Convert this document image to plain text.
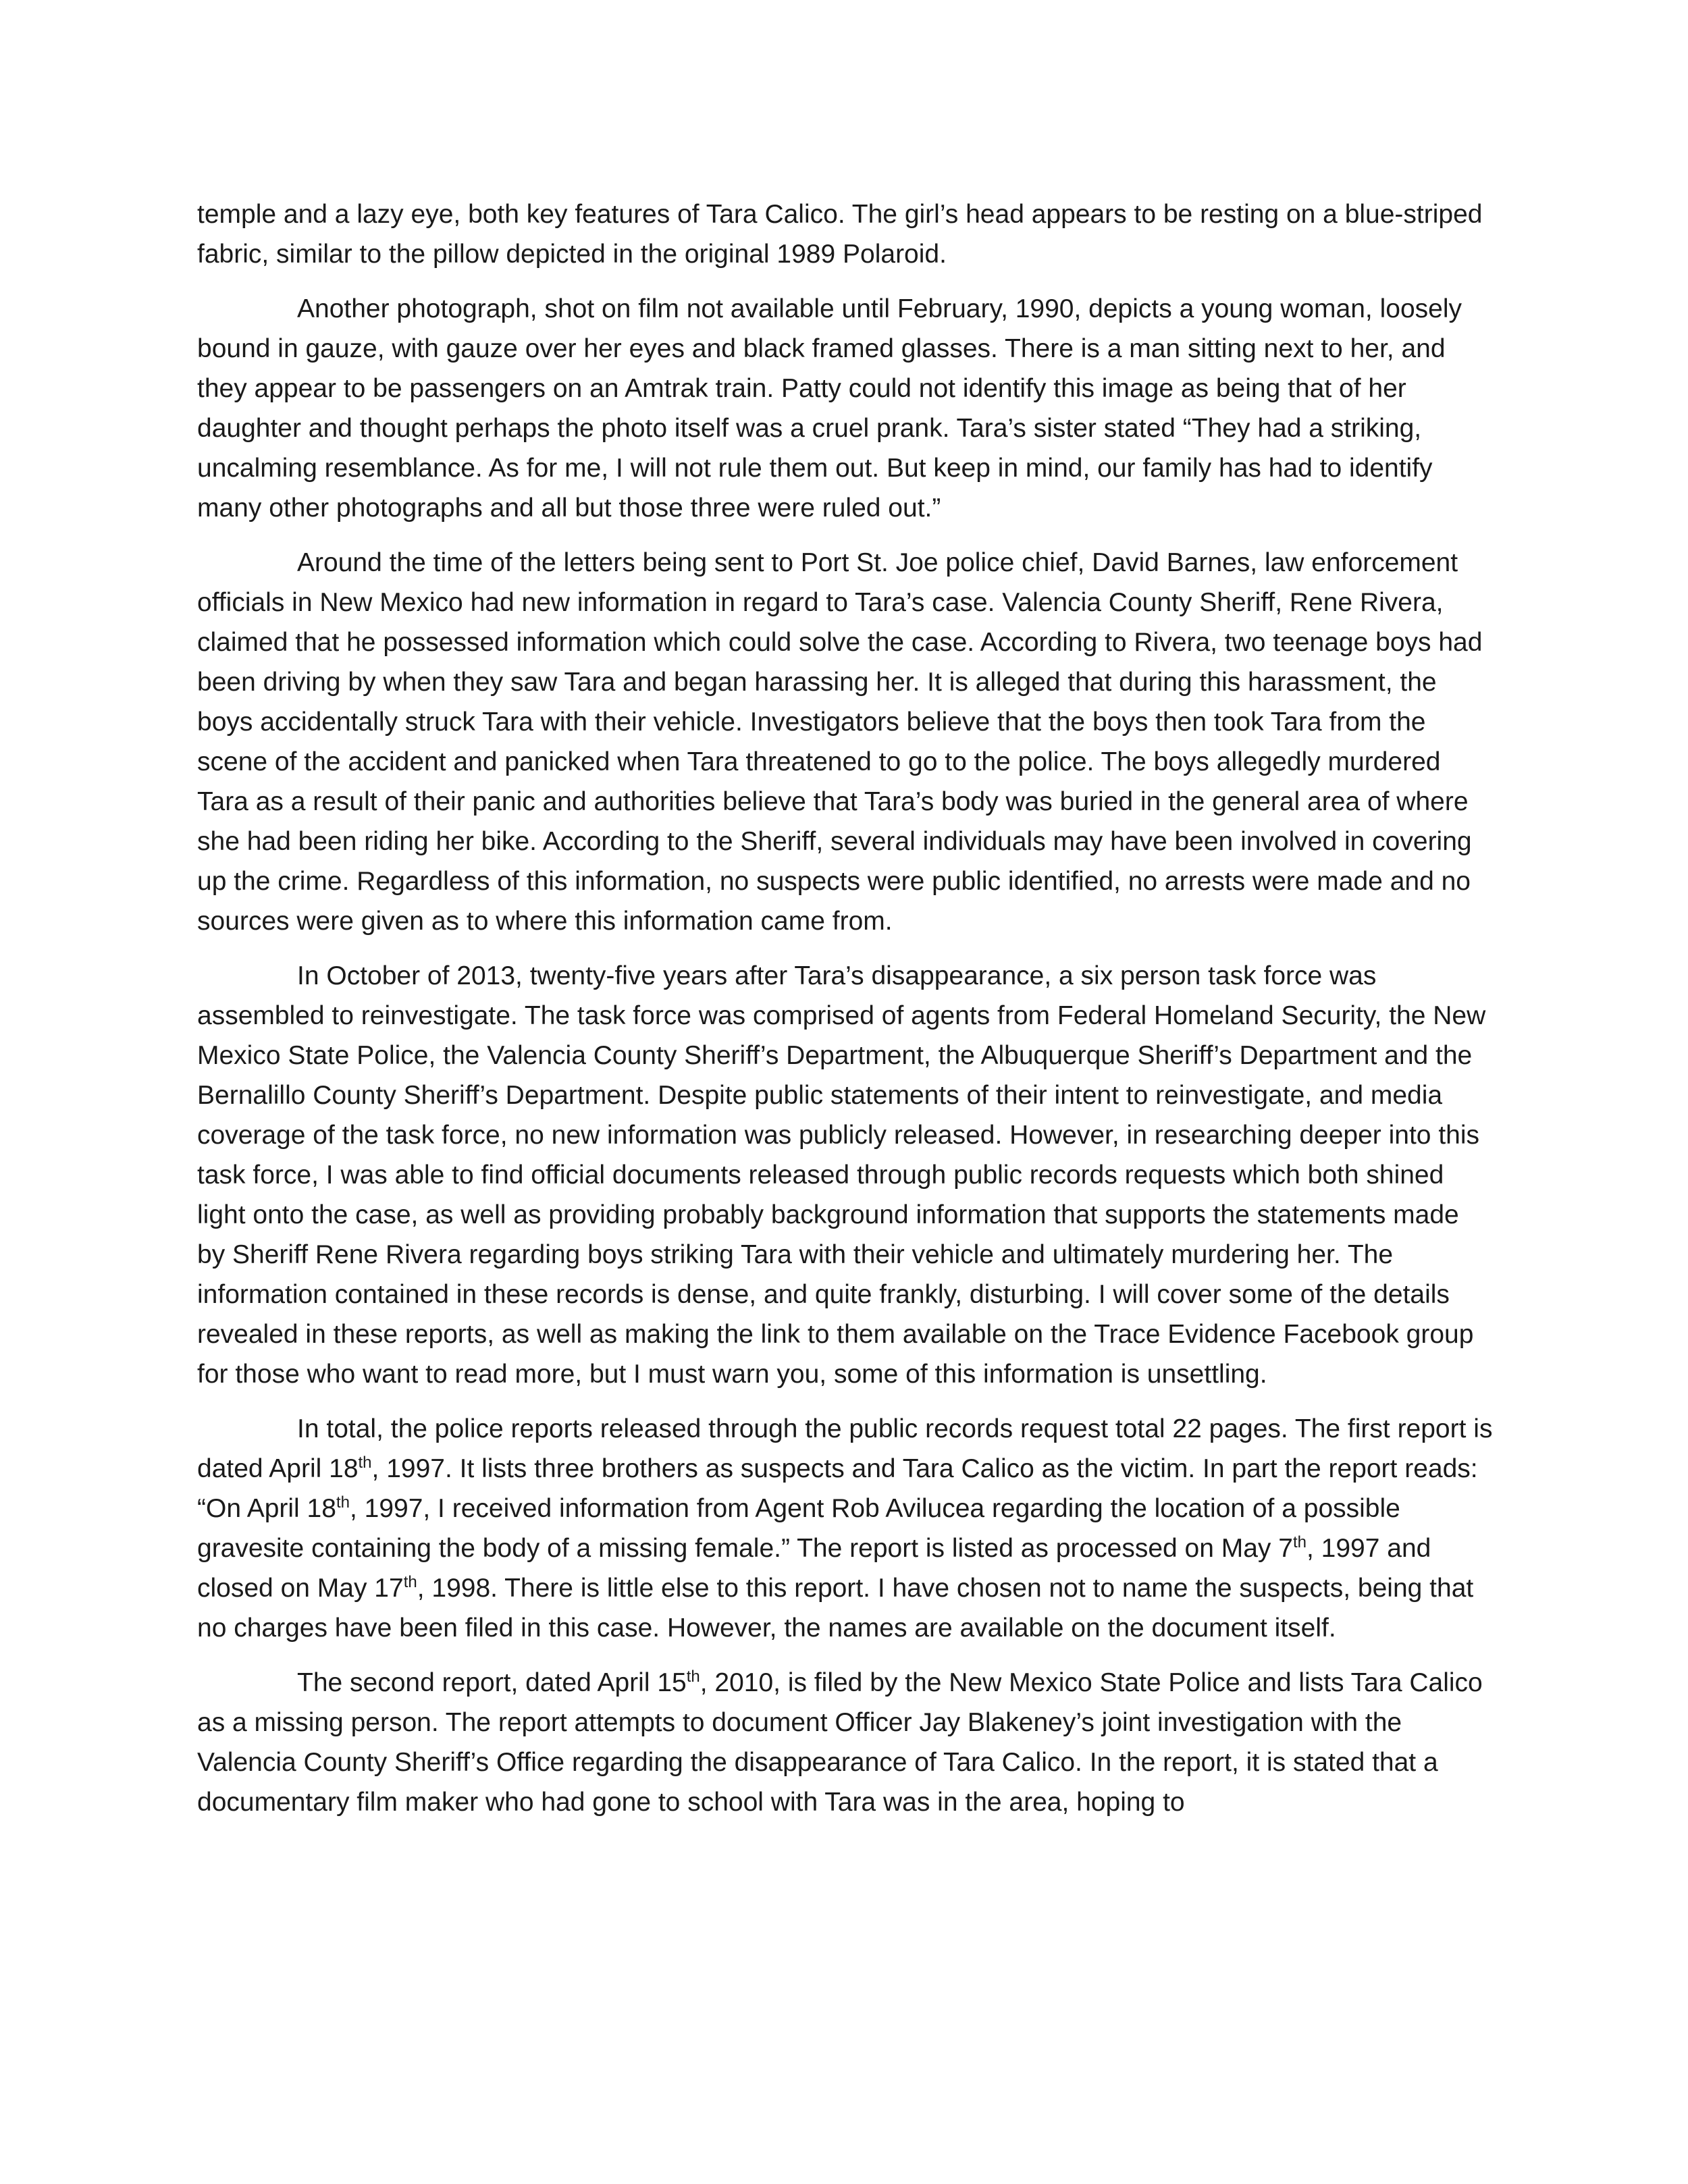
temple and a lazy eye, both key features of Tara Calico. The girl’s head appears to be resting on a blue-striped fabric, similar to the pillow depicted in the original 1989 Polaroid.

Another photograph, shot on film not available until February, 1990, depicts a young woman, loosely bound in gauze, with gauze over her eyes and black framed glasses. There is a man sitting next to her, and they appear to be passengers on an Amtrak train. Patty could not identify this image as being that of her daughter and thought perhaps the photo itself was a cruel prank. Tara’s sister stated “They had a striking, uncalming resemblance. As for me, I will not rule them out. But keep in mind, our family has had to identify many other photographs and all but those three were ruled out.”

Around the time of the letters being sent to Port St. Joe police chief, David Barnes, law enforcement officials in New Mexico had new information in regard to Tara’s case. Valencia County Sheriff, Rene Rivera, claimed that he possessed information which could solve the case. According to Rivera, two teenage boys had been driving by when they saw Tara and began harassing her. It is alleged that during this harassment, the boys accidentally struck Tara with their vehicle. Investigators believe that the boys then took Tara from the scene of the accident and panicked when Tara threatened to go to the police. The boys allegedly murdered Tara as a result of their panic and authorities believe that Tara’s body was buried in the general area of where she had been riding her bike. According to the Sheriff, several individuals may have been involved in covering up the crime. Regardless of this information, no suspects were public identified, no arrests were made and no sources were given as to where this information came from.

In October of 2013, twenty-five years after Tara’s disappearance, a six person task force was assembled to reinvestigate. The task force was comprised of agents from Federal Homeland Security, the New Mexico State Police, the Valencia County Sheriff’s Department, the Albuquerque Sheriff’s Department and the Bernalillo County Sheriff’s Department. Despite public statements of their intent to reinvestigate, and media coverage of the task force, no new information was publicly released. However, in researching deeper into this task force, I was able to find official documents released through public records requests which both shined light onto the case, as well as providing probably background information that supports the statements made by Sheriff Rene Rivera regarding boys striking Tara with their vehicle and ultimately murdering her. The information contained in these records is dense, and quite frankly, disturbing. I will cover some of the details revealed in these reports, as well as making the link to them available on the Trace Evidence Facebook group for those who want to read more, but I must warn you, some of this information is unsettling.

In total, the police reports released through the public records request total 22 pages. The first report is dated April 18th, 1997. It lists three brothers as suspects and Tara Calico as the victim. In part the report reads: “On April 18th, 1997, I received information from Agent Rob Avilucea regarding the location of a possible gravesite containing the body of a missing female.” The report is listed as processed on May 7th, 1997 and closed on May 17th, 1998. There is little else to this report. I have chosen not to name the suspects, being that no charges have been filed in this case. However, the names are available on the document itself.

The second report, dated April 15th, 2010, is filed by the New Mexico State Police and lists Tara Calico as a missing person. The report attempts to document Officer Jay Blakeney’s joint investigation with the Valencia County Sheriff’s Office regarding the disappearance of Tara Calico. In the report, it is stated that a documentary film maker who had gone to school with Tara was in the area, hoping to
